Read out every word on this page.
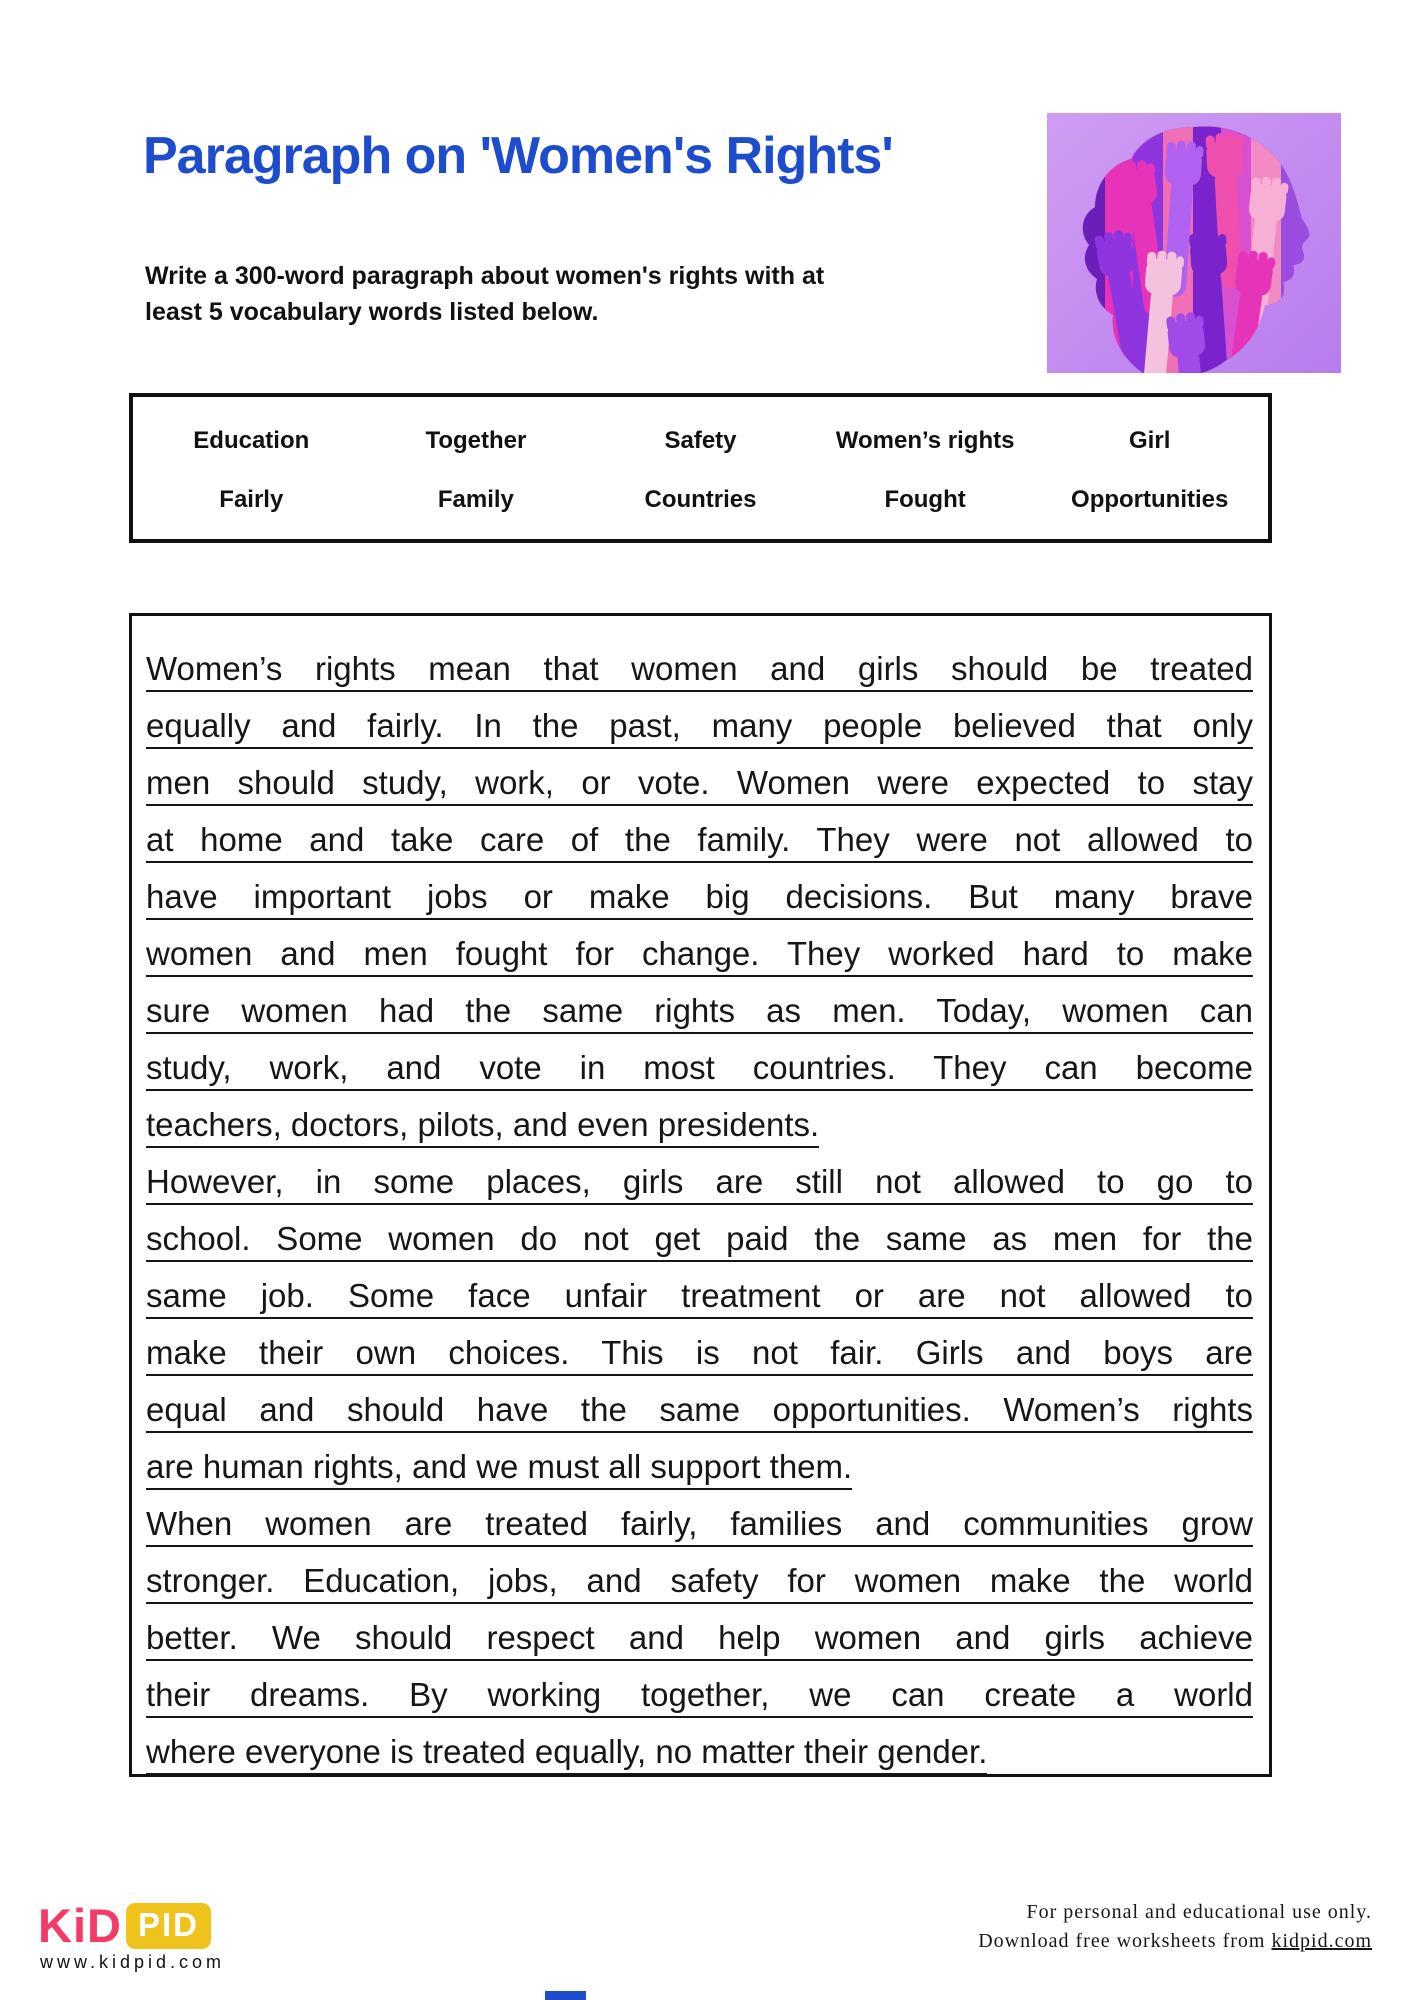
Paragraph on 'Women's Rights'
Write a 300-word paragraph about women's rights with at
least 5 vocabulary words listed below.
Education	Together	Safety	Women’s rights	Girl
Fairly	Family	Countries	Fought	Opportunities
Women’s rights mean that women and girls should be treated
equally and fairly. In the past, many people believed that only
men should study, work, or vote. Women were expected to stay
at home and take care of the family. They were not allowed to
have important jobs or make big decisions. But many brave
women and men fought for change. They worked hard to make
sure women had the same rights as men. Today, women can
study, work, and vote in most countries. They can become
teachers, doctors, pilots, and even presidents.
However, in some places, girls are still not allowed to go to
school. Some women do not get paid the same as men for the
same job. Some face unfair treatment or are not allowed to
make their own choices. This is not fair. Girls and boys are
equal and should have the same opportunities. Women’s rights
are human rights, and we must all support them.
When women are treated fairly, families and communities grow
stronger. Education, jobs, and safety for women make the world
better. We should respect and help women and girls achieve
their dreams. By working together, we can create a world
where everyone is treated equally, no matter their gender.
KiD PID
www.kidpid.com
For personal and educational use only.
Download free worksheets from kidpid.com
